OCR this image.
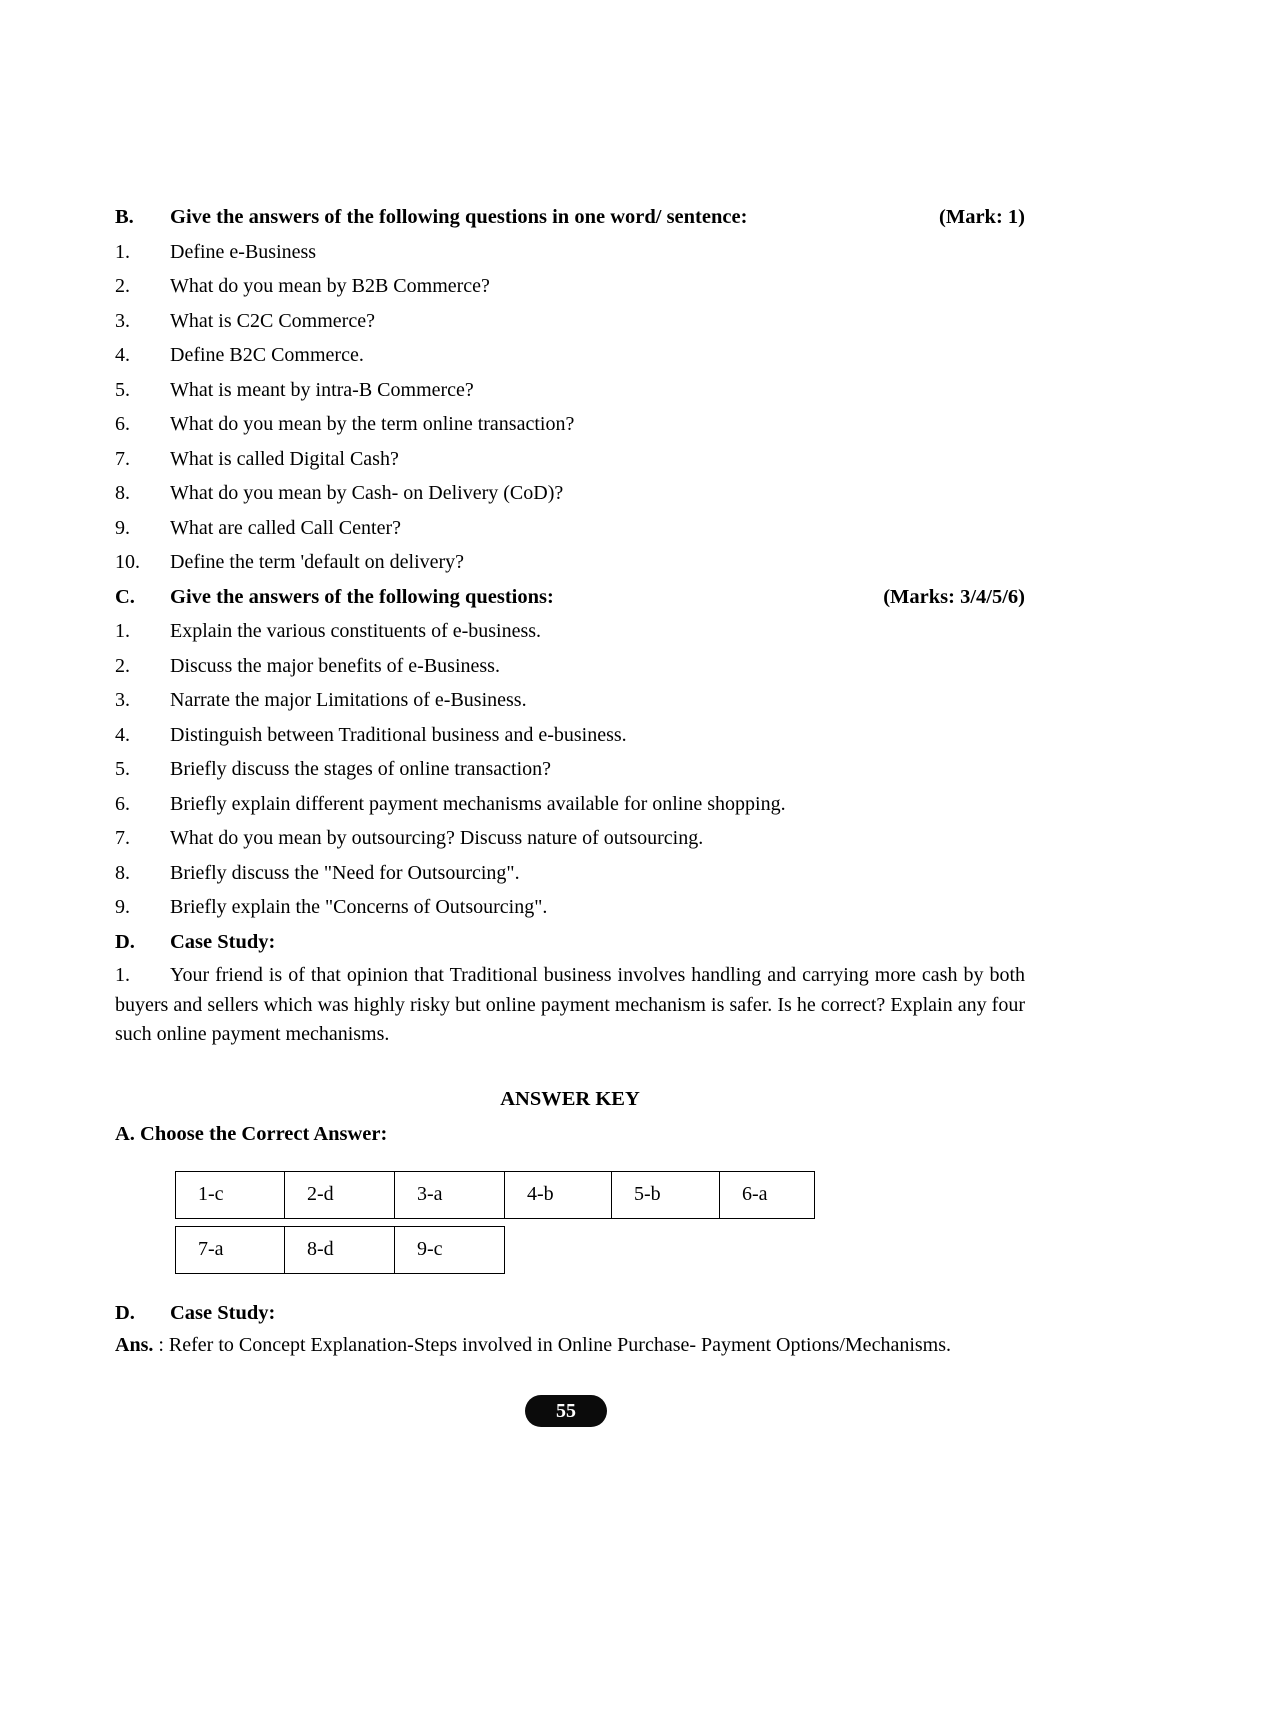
B.	Give the answers of the following questions in one word/ sentence:	(Mark: 1)
1.	Define e-Business
2.	What do you mean by B2B Commerce?
3.	What is C2C Commerce?
4.	Define B2C Commerce.
5.	What is meant by intra-B Commerce?
6.	What do you mean by the term online transaction?
7.	What is called Digital Cash?
8.	What do you mean by Cash- on Delivery (CoD)?
9.	What are called Call Center?
10.	Define the term 'default on delivery?
C.	Give the answers of the following questions:	(Marks: 3/4/5/6)
1.	Explain the various constituents of e-business.
2.	Discuss the major benefits of e-Business.
3.	Narrate the major Limitations of e-Business.
4.	Distinguish between Traditional business and e-business.
5.	Briefly discuss the stages of online transaction?
6.	Briefly explain different payment mechanisms available for online shopping.
7.	What do you mean by outsourcing? Discuss nature of outsourcing.
8.	Briefly discuss the "Need for Outsourcing".
9.	Briefly explain the "Concerns of Outsourcing".
D.	Case Study:

1. Your friend is of that opinion that Traditional business involves handling and carrying more cash by both buyers and sellers which was highly risky but online payment mechanism is safer. Is he correct? Explain any four such online payment mechanisms.

ANSWER KEY
A. Choose the Correct Answer:
1-c	2-d	3-a	4-b	5-b	6-a
7-a	8-d	9-c
D.	Case Study:
Ans. : Refer to Concept Explanation-Steps involved in Online Purchase- Payment Options/Mechanisms.
55
